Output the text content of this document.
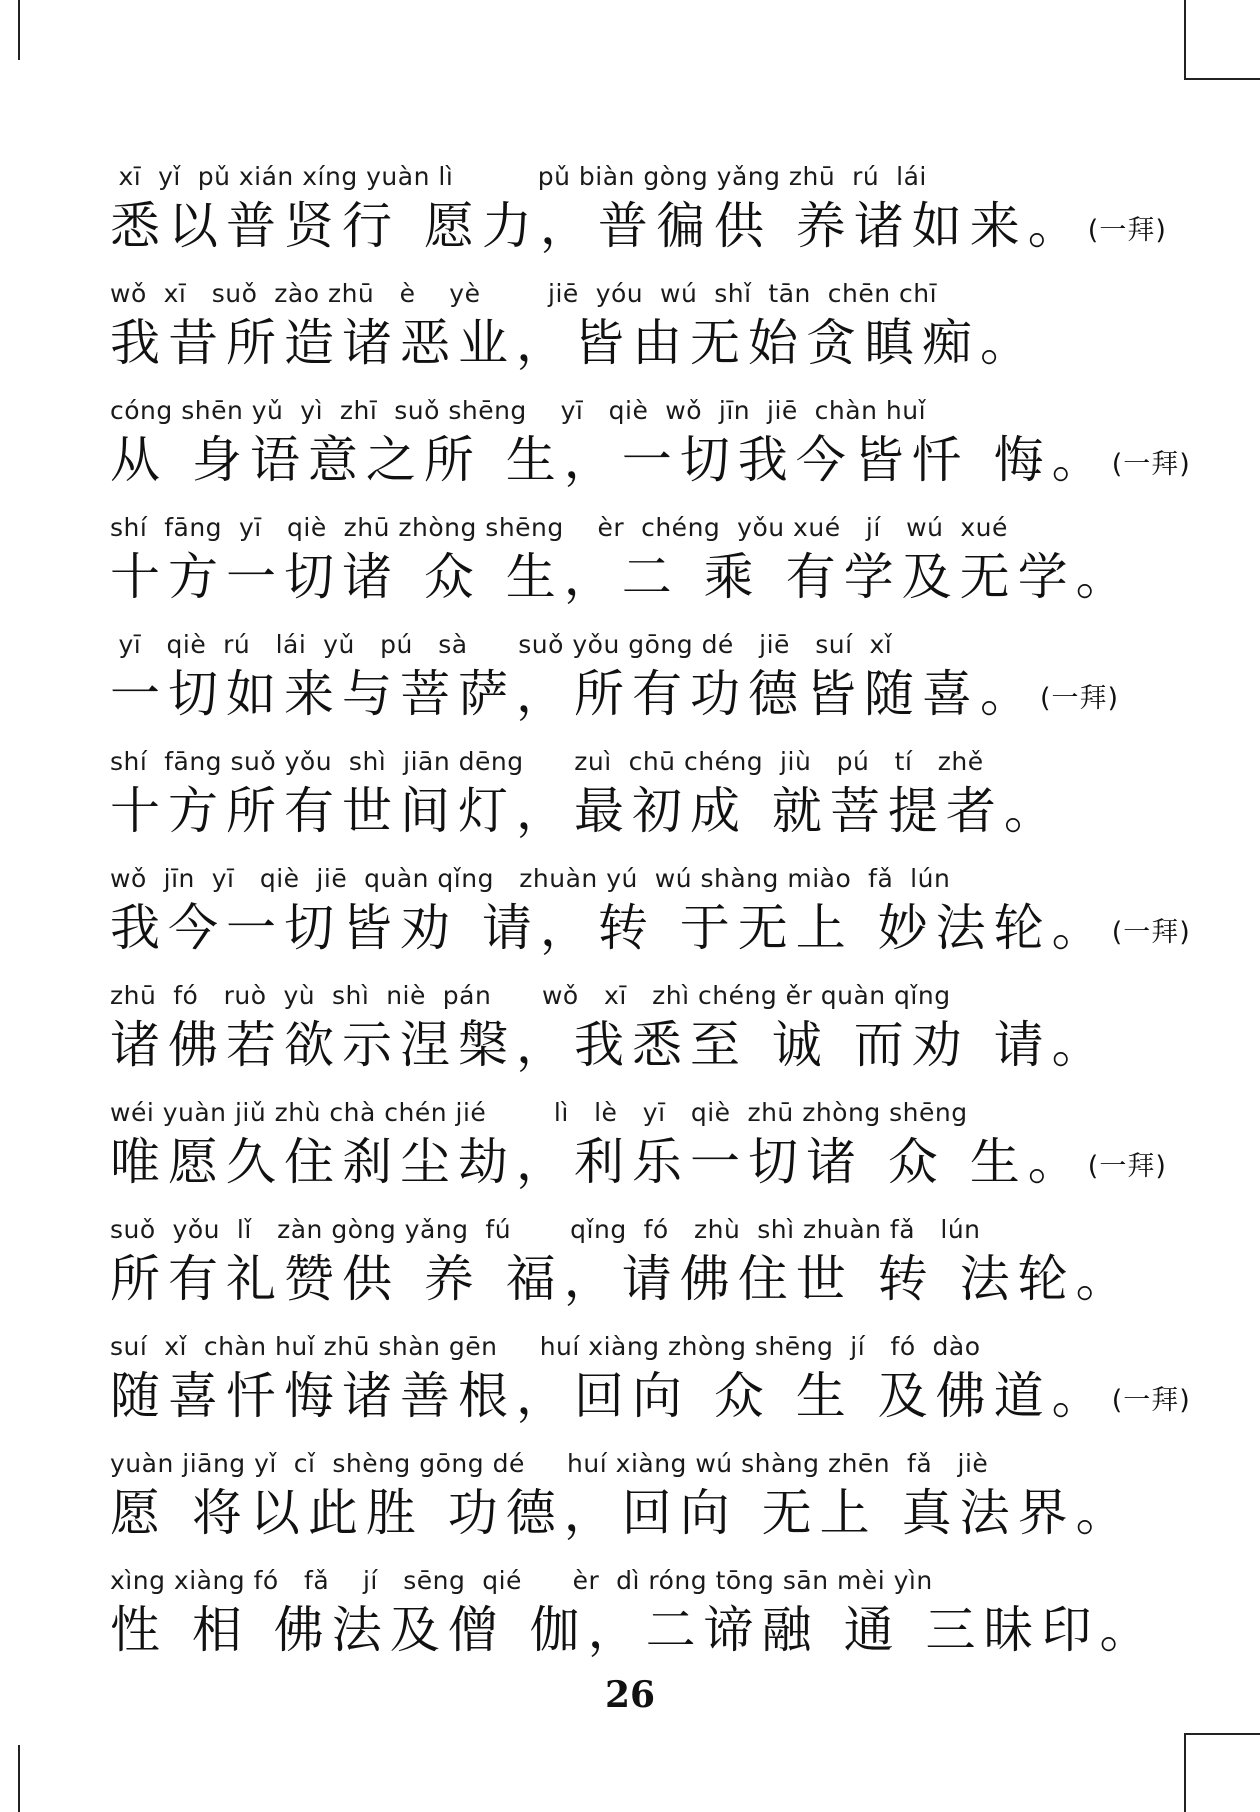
xī  yǐ  pǔ xián xíng yuàn lì          pǔ biàn gòng yǎng zhū  rú  lái
悉以普贤行 愿力，普徧供 养诸如来。(一拜)
wǒ  xī   suǒ  zào zhū   è    yè        jiē  yóu  wú  shǐ  tān  chēn chī
我昔所造诸恶业，皆由无始贪瞋痴。
cóng shēn yǔ  yì  zhī  suǒ shēng    yī   qiè  wǒ  jīn  jiē  chàn huǐ
从 身语意之所 生，一切我今皆忏 悔。(一拜)
shí  fāng  yī   qiè  zhū zhòng shēng    èr  chéng  yǒu xué   jí   wú  xué
十方一切诸 众 生，二 乘 有学及无学。
yī   qiè  rú   lái  yǔ   pú   sà      suǒ yǒu gōng dé   jiē   suí  xǐ
一切如来与菩萨，所有功德皆随喜。(一拜)
shí  fāng suǒ yǒu  shì  jiān dēng      zuì  chū chéng  jiù   pú   tí   zhě
十方所有世间灯，最初成 就菩提者。
wǒ  jīn  yī   qiè  jiē  quàn qǐng   zhuàn yú  wú shàng miào  fǎ  lún
我今一切皆劝 请，转 于无上 妙法轮。(一拜)
zhū  fó   ruò  yù  shì  niè  pán      wǒ   xī   zhì chéng ěr quàn qǐng
诸佛若欲示涅槃，我悉至 诚 而劝 请。
wéi yuàn jiǔ zhù chà chén jié        lì   lè   yī   qiè  zhū zhòng shēng
唯愿久住刹尘劫，利乐一切诸 众 生。(一拜)
suǒ  yǒu  lǐ   zàn gòng yǎng  fú       qǐng  fó   zhù  shì zhuàn fǎ   lún
所有礼赞供 养 福，请佛住世 转 法轮。
suí  xǐ  chàn huǐ zhū shàn gēn     huí xiàng zhòng shēng  jí   fó  dào
随喜忏悔诸善根，回向 众 生 及佛道。(一拜)
yuàn jiāng yǐ  cǐ  shèng gōng dé     huí xiàng wú shàng zhēn  fǎ   jiè
愿 将以此胜 功德，回向 无上 真法界。
xìng xiàng fó   fǎ    jí   sēng  qié      èr  dì róng tōng sān mèi yìn
性 相 佛法及僧 伽，二谛融 通 三昧印。
26
